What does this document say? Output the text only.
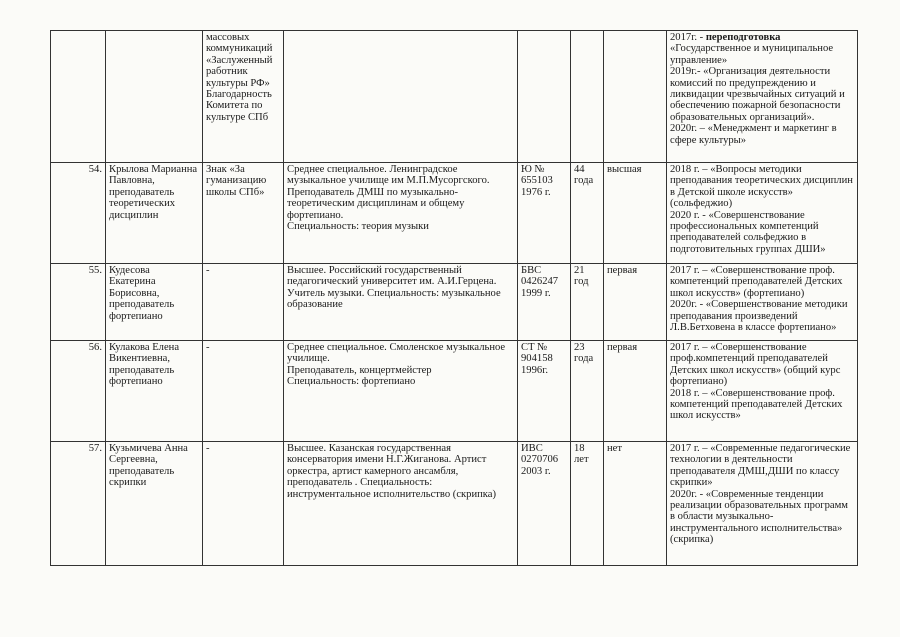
		массовых коммуникаций «Заслуженный работник культуры РФ» Благодарность Комитета по культуре СПб					2017г. - переподготовка
«Государственное и муниципальное управление»
2019г.- «Организация деятельности комиссий по предупреждению и ликвидации чрезвычайных ситуаций и обеспечению пожарной безопасности образовательных организаций».
2020г. – «Менеджмент и маркетинг в сфере культуры»
54.	Крылова Марианна Павловна, преподаватель теоретических дисциплин	Знак «За гуманизацию школы СПб»	Среднее специальное. Ленинградское музыкальное училище им М.П.Мусоргского. Преподаватель ДМШ по музыкально-теоретическим дисциплинам и общему фортепиано.
Специальность: теория музыки	Ю № 655103 1976 г.	44 года	высшая	2018 г. – «Вопросы методики преподавания теоретических дисциплин в Детской школе искусств» (сольфеджио)
2020 г. - «Совершенствование профессиональных компетенций преподавателей сольфеджио в подготовительных группах ДШИ»
55.	Кудесова Екатерина Борисовна, преподаватель фортепиано	-	Высшее. Российский государственный педагогический университет им. А.И.Герцена. Учитель музыки. Специальность: музыкальное образование	БВС 0426247 1999 г.	21 год	первая	2017 г. – «Совершенствование проф. компетенций преподавателей Детских школ искусств» (фортепиано)
2020г. - «Совершенствование методики преподавания произведений Л.В.Бетховена в классе фортепиано»
56.	Кулакова Елена Викентиевна, преподаватель фортепиано	-	Среднее специальное. Смоленское музыкальное училище.
Преподаватель, концертмейстер
Специальность: фортепиано	СТ № 904158 1996г.	23 года	первая	2017 г. – «Совершенствование проф.компетенций преподавателей Детских школ искусств» (общий курс фортепиано)
2018 г. – «Совершенствование проф. компетенций преподавателей Детских школ искусств»
57.	Кузьмичева Анна Сергеевна, преподаватель скрипки	-	Высшее. Казанская государственная консерватория имени Н.Г.Жиганова. Артист оркестра, артист камерного ансамбля, преподаватель . Специальность: инструментальное исполнительство (скрипка)	ИВС 0270706 2003 г.	18 лет	нет	2017 г. – «Современные педагогические технологии в деятельности преподавателя ДМШ,ДШИ по классу скрипки»
2020г. - «Современные тенденции реализации образовательных программ в области музыкально-инструментального исполнительства» (скрипка)
